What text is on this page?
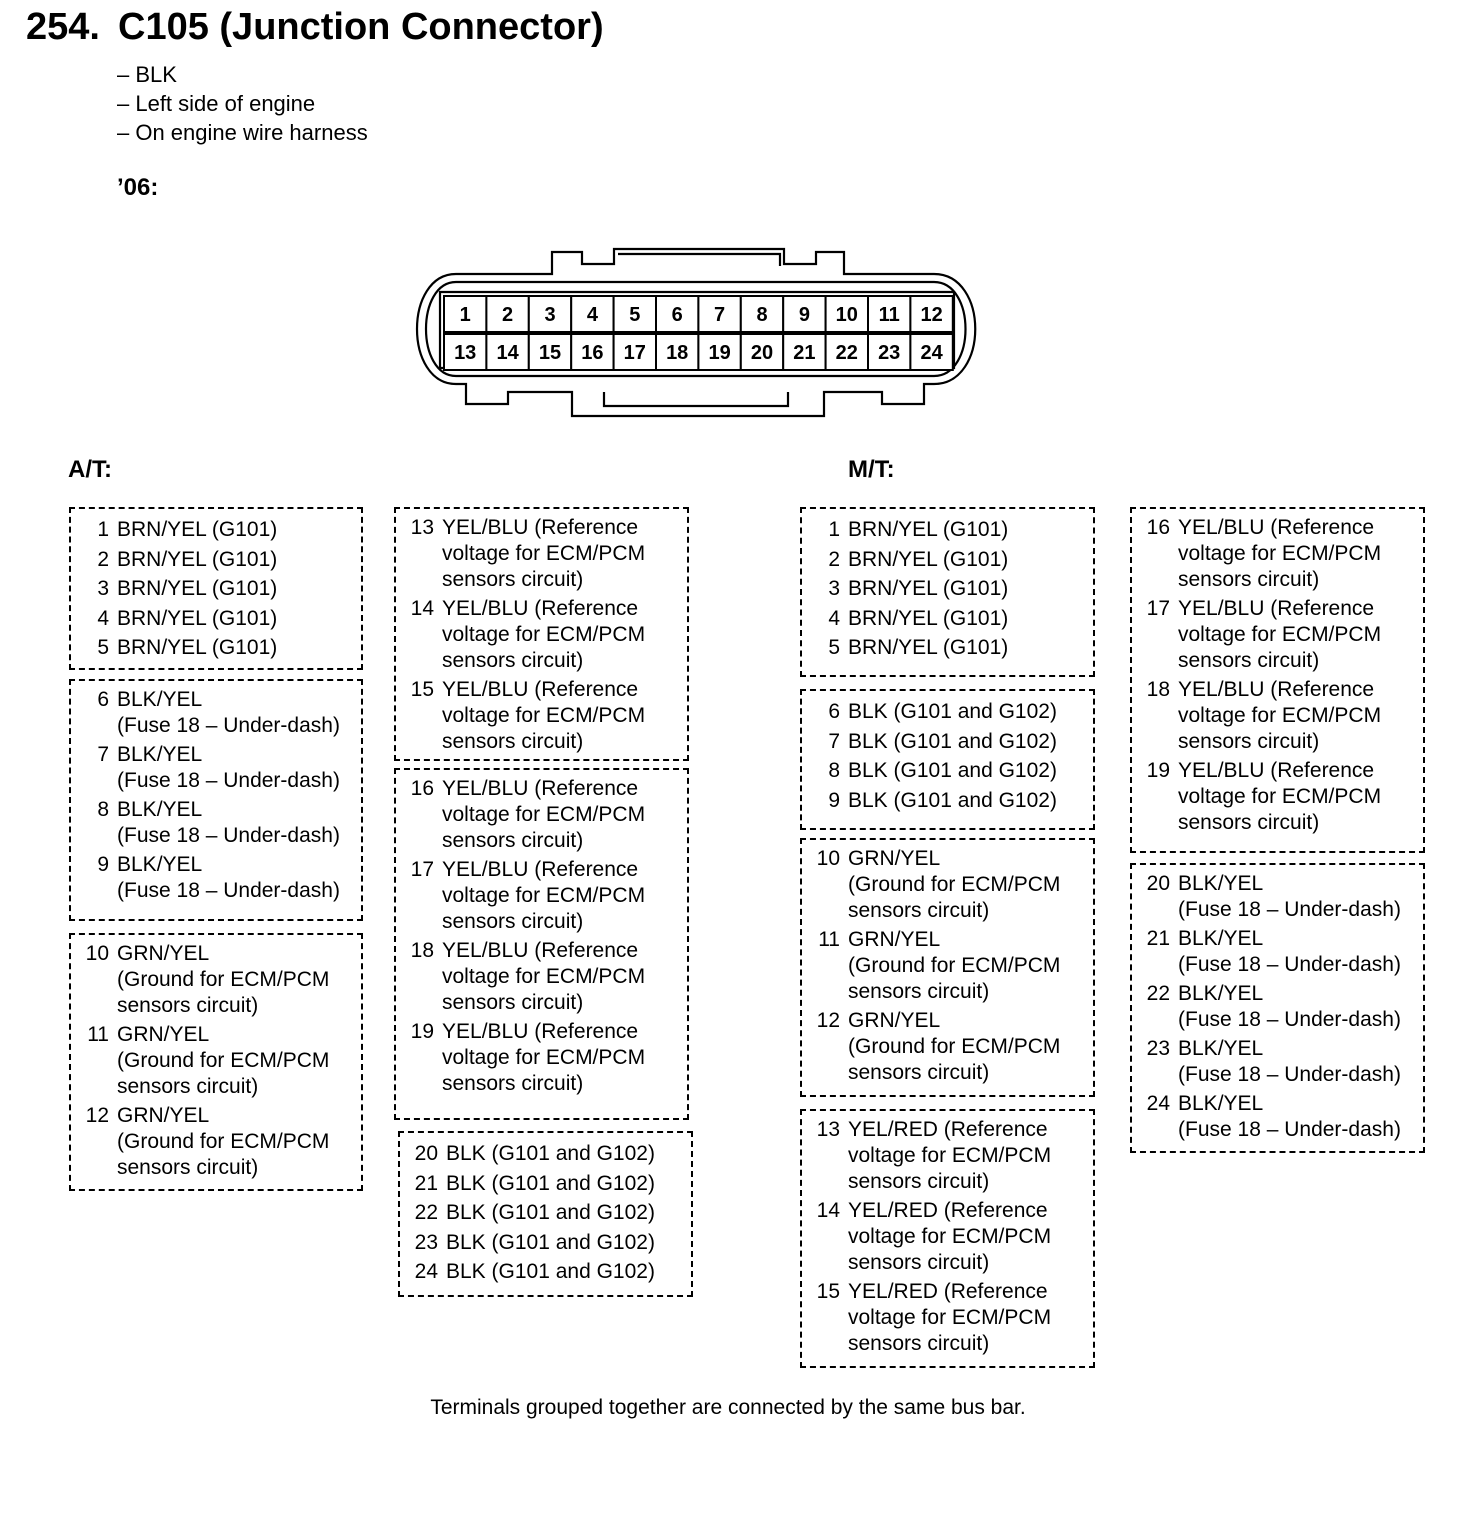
254. C105 (Junction Connector)
– BLK
– Left side of engine
– On engine wire harness
’06:
1 2 3 4 5 6 7 8 9 10 11 12
13 14 15 16 17 18 19 20 21 22 23 24
A/T:	M/T:
1 BRN/YEL (G101)
2 BRN/YEL (G101)
3 BRN/YEL (G101)
4 BRN/YEL (G101)
5 BRN/YEL (G101)
6 BLK/YEL
(Fuse 18 – Under-dash)
7 BLK/YEL
(Fuse 18 – Under-dash)
8 BLK/YEL
(Fuse 18 – Under-dash)
9 BLK/YEL
(Fuse 18 – Under-dash)
10 GRN/YEL
(Ground for ECM/PCM
sensors circuit)
11 GRN/YEL
(Ground for ECM/PCM
sensors circuit)
12 GRN/YEL
(Ground for ECM/PCM
sensors circuit)
13 YEL/BLU (Reference
voltage for ECM/PCM
sensors circuit)
14 YEL/BLU (Reference
voltage for ECM/PCM
sensors circuit)
15 YEL/BLU (Reference
voltage for ECM/PCM
sensors circuit)
16 YEL/BLU (Reference
voltage for ECM/PCM
sensors circuit)
17 YEL/BLU (Reference
voltage for ECM/PCM
sensors circuit)
18 YEL/BLU (Reference
voltage for ECM/PCM
sensors circuit)
19 YEL/BLU (Reference
voltage for ECM/PCM
sensors circuit)
20 BLK (G101 and G102)
21 BLK (G101 and G102)
22 BLK (G101 and G102)
23 BLK (G101 and G102)
24 BLK (G101 and G102)
1 BRN/YEL (G101)
2 BRN/YEL (G101)
3 BRN/YEL (G101)
4 BRN/YEL (G101)
5 BRN/YEL (G101)
6 BLK (G101 and G102)
7 BLK (G101 and G102)
8 BLK (G101 and G102)
9 BLK (G101 and G102)
10 GRN/YEL
(Ground for ECM/PCM
sensors circuit)
11 GRN/YEL
(Ground for ECM/PCM
sensors circuit)
12 GRN/YEL
(Ground for ECM/PCM
sensors circuit)
13 YEL/RED (Reference
voltage for ECM/PCM
sensors circuit)
14 YEL/RED (Reference
voltage for ECM/PCM
sensors circuit)
15 YEL/RED (Reference
voltage for ECM/PCM
sensors circuit)
16 YEL/BLU (Reference
voltage for ECM/PCM
sensors circuit)
17 YEL/BLU (Reference
voltage for ECM/PCM
sensors circuit)
18 YEL/BLU (Reference
voltage for ECM/PCM
sensors circuit)
19 YEL/BLU (Reference
voltage for ECM/PCM
sensors circuit)
20 BLK/YEL
(Fuse 18 – Under-dash)
21 BLK/YEL
(Fuse 18 – Under-dash)
22 BLK/YEL
(Fuse 18 – Under-dash)
23 BLK/YEL
(Fuse 18 – Under-dash)
24 BLK/YEL
(Fuse 18 – Under-dash)
Terminals grouped together are connected by the same bus bar.
